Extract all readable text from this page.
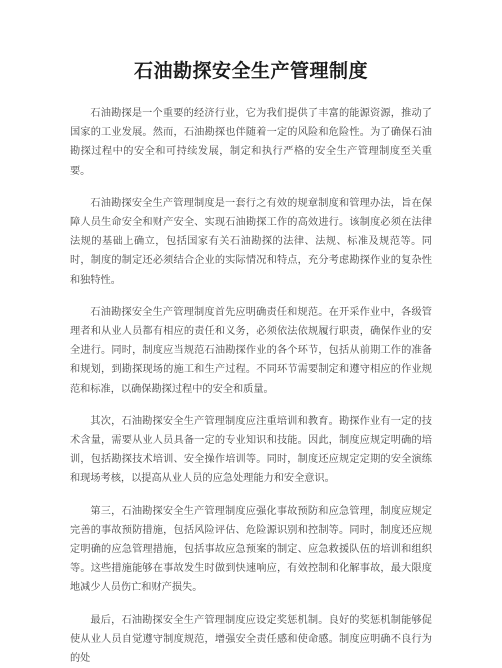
石油勘探安全生产管理制度

石油勘探是一个重要的经济行业，它为我们提供了丰富的能源资源，推动了国家的工业发展。然而，石油勘探也伴随着一定的风险和危险性。为了确保石油勘探过程中的安全和可持续发展，制定和执行严格的安全生产管理制度至关重要。

石油勘探安全生产管理制度是一套行之有效的规章制度和管理办法，旨在保障人员生命安全和财产安全、实现石油勘探工作的高效进行。该制度必须在法律法规的基础上确立，包括国家有关石油勘探的法律、法规、标准及规范等。同时，制度的制定还必须结合企业的实际情况和特点，充分考虑勘探作业的复杂性和独特性。

石油勘探安全生产管理制度首先应明确责任和规范。在开采作业中，各级管理者和从业人员都有相应的责任和义务，必须依法依规履行职责，确保作业的安全进行。同时，制度应当规范石油勘探作业的各个环节，包括从前期工作的准备和规划，到勘探现场的施工和生产过程。不同环节需要制定和遵守相应的作业规范和标准，以确保勘探过程中的安全和质量。

其次，石油勘探安全生产管理制度应注重培训和教育。勘探作业有一定的技术含量，需要从业人员具备一定的专业知识和技能。因此，制度应规定明确的培训，包括勘探技术培训、安全操作培训等。同时，制度还应规定定期的安全演练和现场考核，以提高从业人员的应急处理能力和安全意识。

第三，石油勘探安全生产管理制度应强化事故预防和应急管理，制度应规定完善的事故预防措施，包括风险评估、危险源识别和控制等。同时，制度还应规定明确的应急管理措施，包括事故应急预案的制定、应急救援队伍的培训和组织等。这些措施能够在事故发生时做到快速响应，有效控制和化解事故，最大限度地减少人员伤亡和财产损失。

最后，石油勘探安全生产管理制度应设定奖惩机制。良好的奖惩机制能够促使从业人员自觉遵守制度规范，增强安全责任感和使命感。制度应明确不良行为的处
